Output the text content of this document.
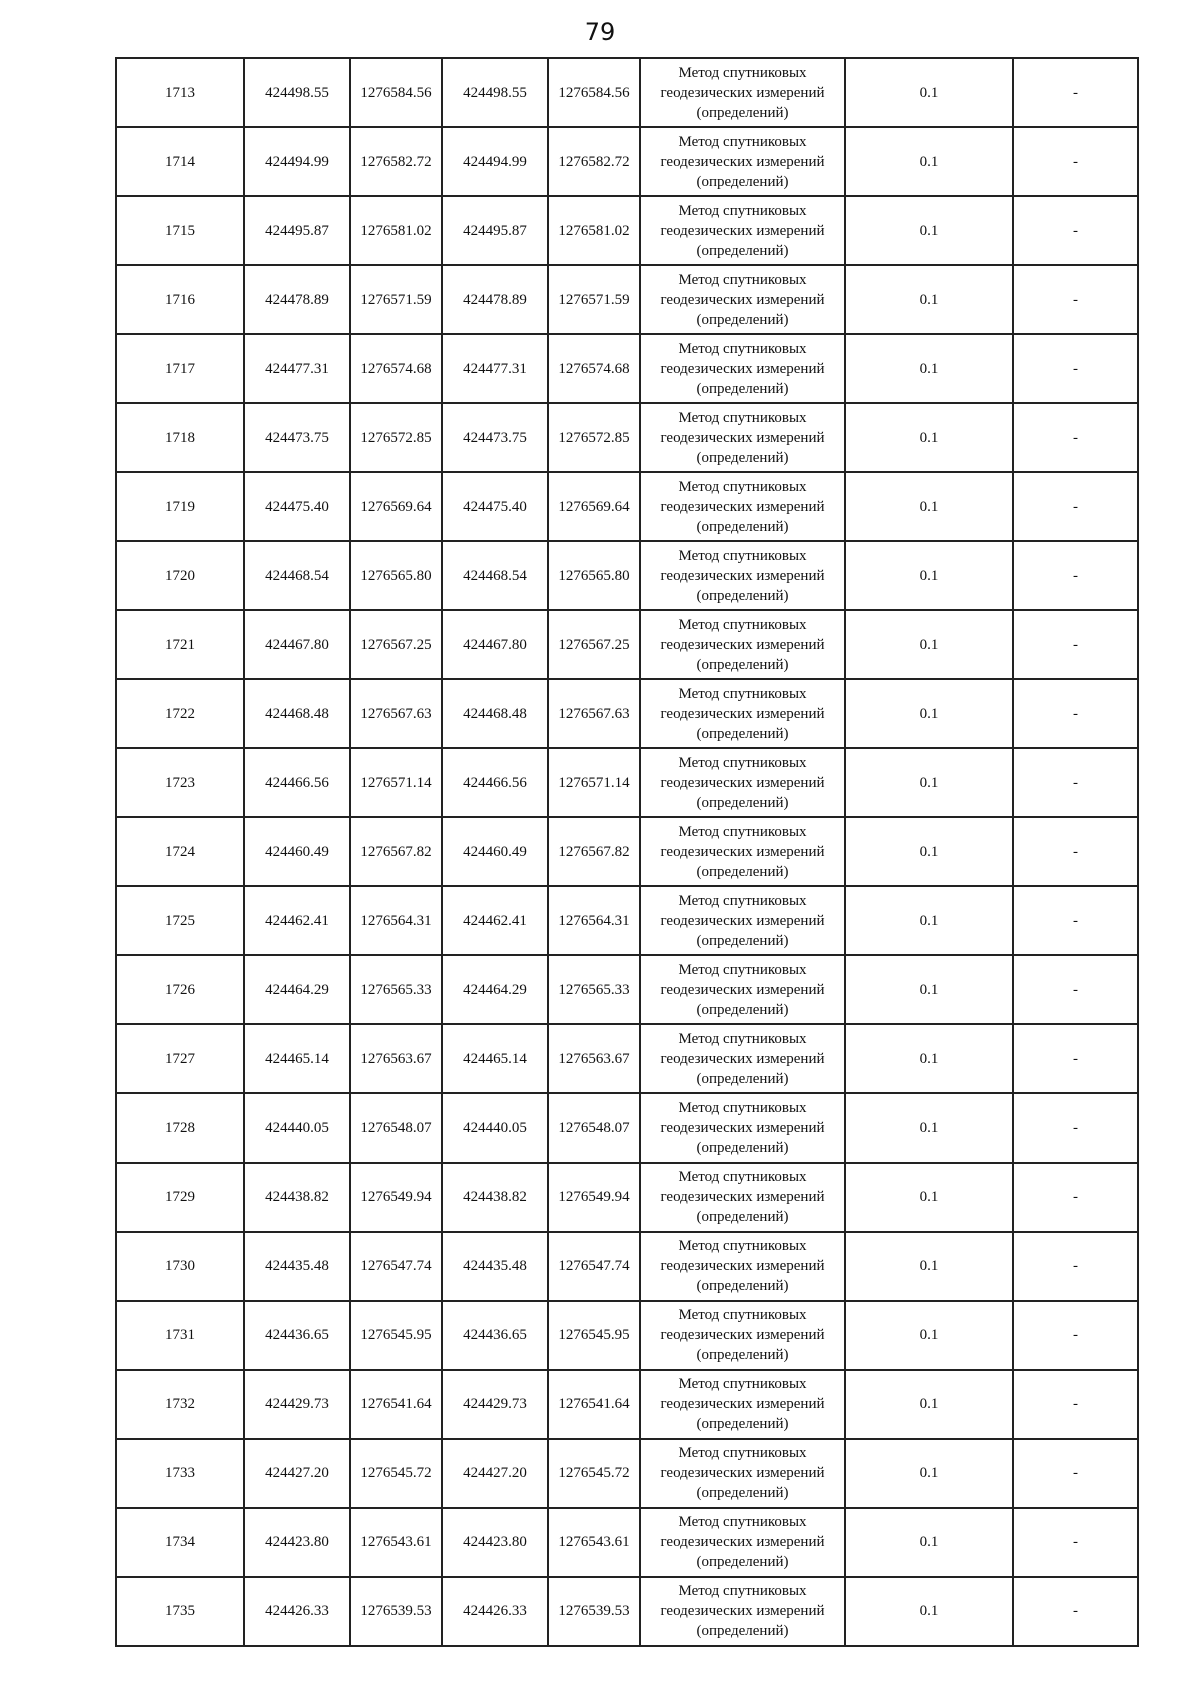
79
1713	424498.55	1276584.56	424498.55	1276584.56	Метод спутниковых геодезических измерений (определений)	0.1	-
1714	424494.99	1276582.72	424494.99	1276582.72	Метод спутниковых геодезических измерений (определений)	0.1	-
1715	424495.87	1276581.02	424495.87	1276581.02	Метод спутниковых геодезических измерений (определений)	0.1	-
1716	424478.89	1276571.59	424478.89	1276571.59	Метод спутниковых геодезических измерений (определений)	0.1	-
1717	424477.31	1276574.68	424477.31	1276574.68	Метод спутниковых геодезических измерений (определений)	0.1	-
1718	424473.75	1276572.85	424473.75	1276572.85	Метод спутниковых геодезических измерений (определений)	0.1	-
1719	424475.40	1276569.64	424475.40	1276569.64	Метод спутниковых геодезических измерений (определений)	0.1	-
1720	424468.54	1276565.80	424468.54	1276565.80	Метод спутниковых геодезических измерений (определений)	0.1	-
1721	424467.80	1276567.25	424467.80	1276567.25	Метод спутниковых геодезических измерений (определений)	0.1	-
1722	424468.48	1276567.63	424468.48	1276567.63	Метод спутниковых геодезических измерений (определений)	0.1	-
1723	424466.56	1276571.14	424466.56	1276571.14	Метод спутниковых геодезических измерений (определений)	0.1	-
1724	424460.49	1276567.82	424460.49	1276567.82	Метод спутниковых геодезических измерений (определений)	0.1	-
1725	424462.41	1276564.31	424462.41	1276564.31	Метод спутниковых геодезических измерений (определений)	0.1	-
1726	424464.29	1276565.33	424464.29	1276565.33	Метод спутниковых геодезических измерений (определений)	0.1	-
1727	424465.14	1276563.67	424465.14	1276563.67	Метод спутниковых геодезических измерений (определений)	0.1	-
1728	424440.05	1276548.07	424440.05	1276548.07	Метод спутниковых геодезических измерений (определений)	0.1	-
1729	424438.82	1276549.94	424438.82	1276549.94	Метод спутниковых геодезических измерений (определений)	0.1	-
1730	424435.48	1276547.74	424435.48	1276547.74	Метод спутниковых геодезических измерений (определений)	0.1	-
1731	424436.65	1276545.95	424436.65	1276545.95	Метод спутниковых геодезических измерений (определений)	0.1	-
1732	424429.73	1276541.64	424429.73	1276541.64	Метод спутниковых геодезических измерений (определений)	0.1	-
1733	424427.20	1276545.72	424427.20	1276545.72	Метод спутниковых геодезических измерений (определений)	0.1	-
1734	424423.80	1276543.61	424423.80	1276543.61	Метод спутниковых геодезических измерений (определений)	0.1	-
1735	424426.33	1276539.53	424426.33	1276539.53	Метод спутниковых геодезических измерений (определений)	0.1	-
